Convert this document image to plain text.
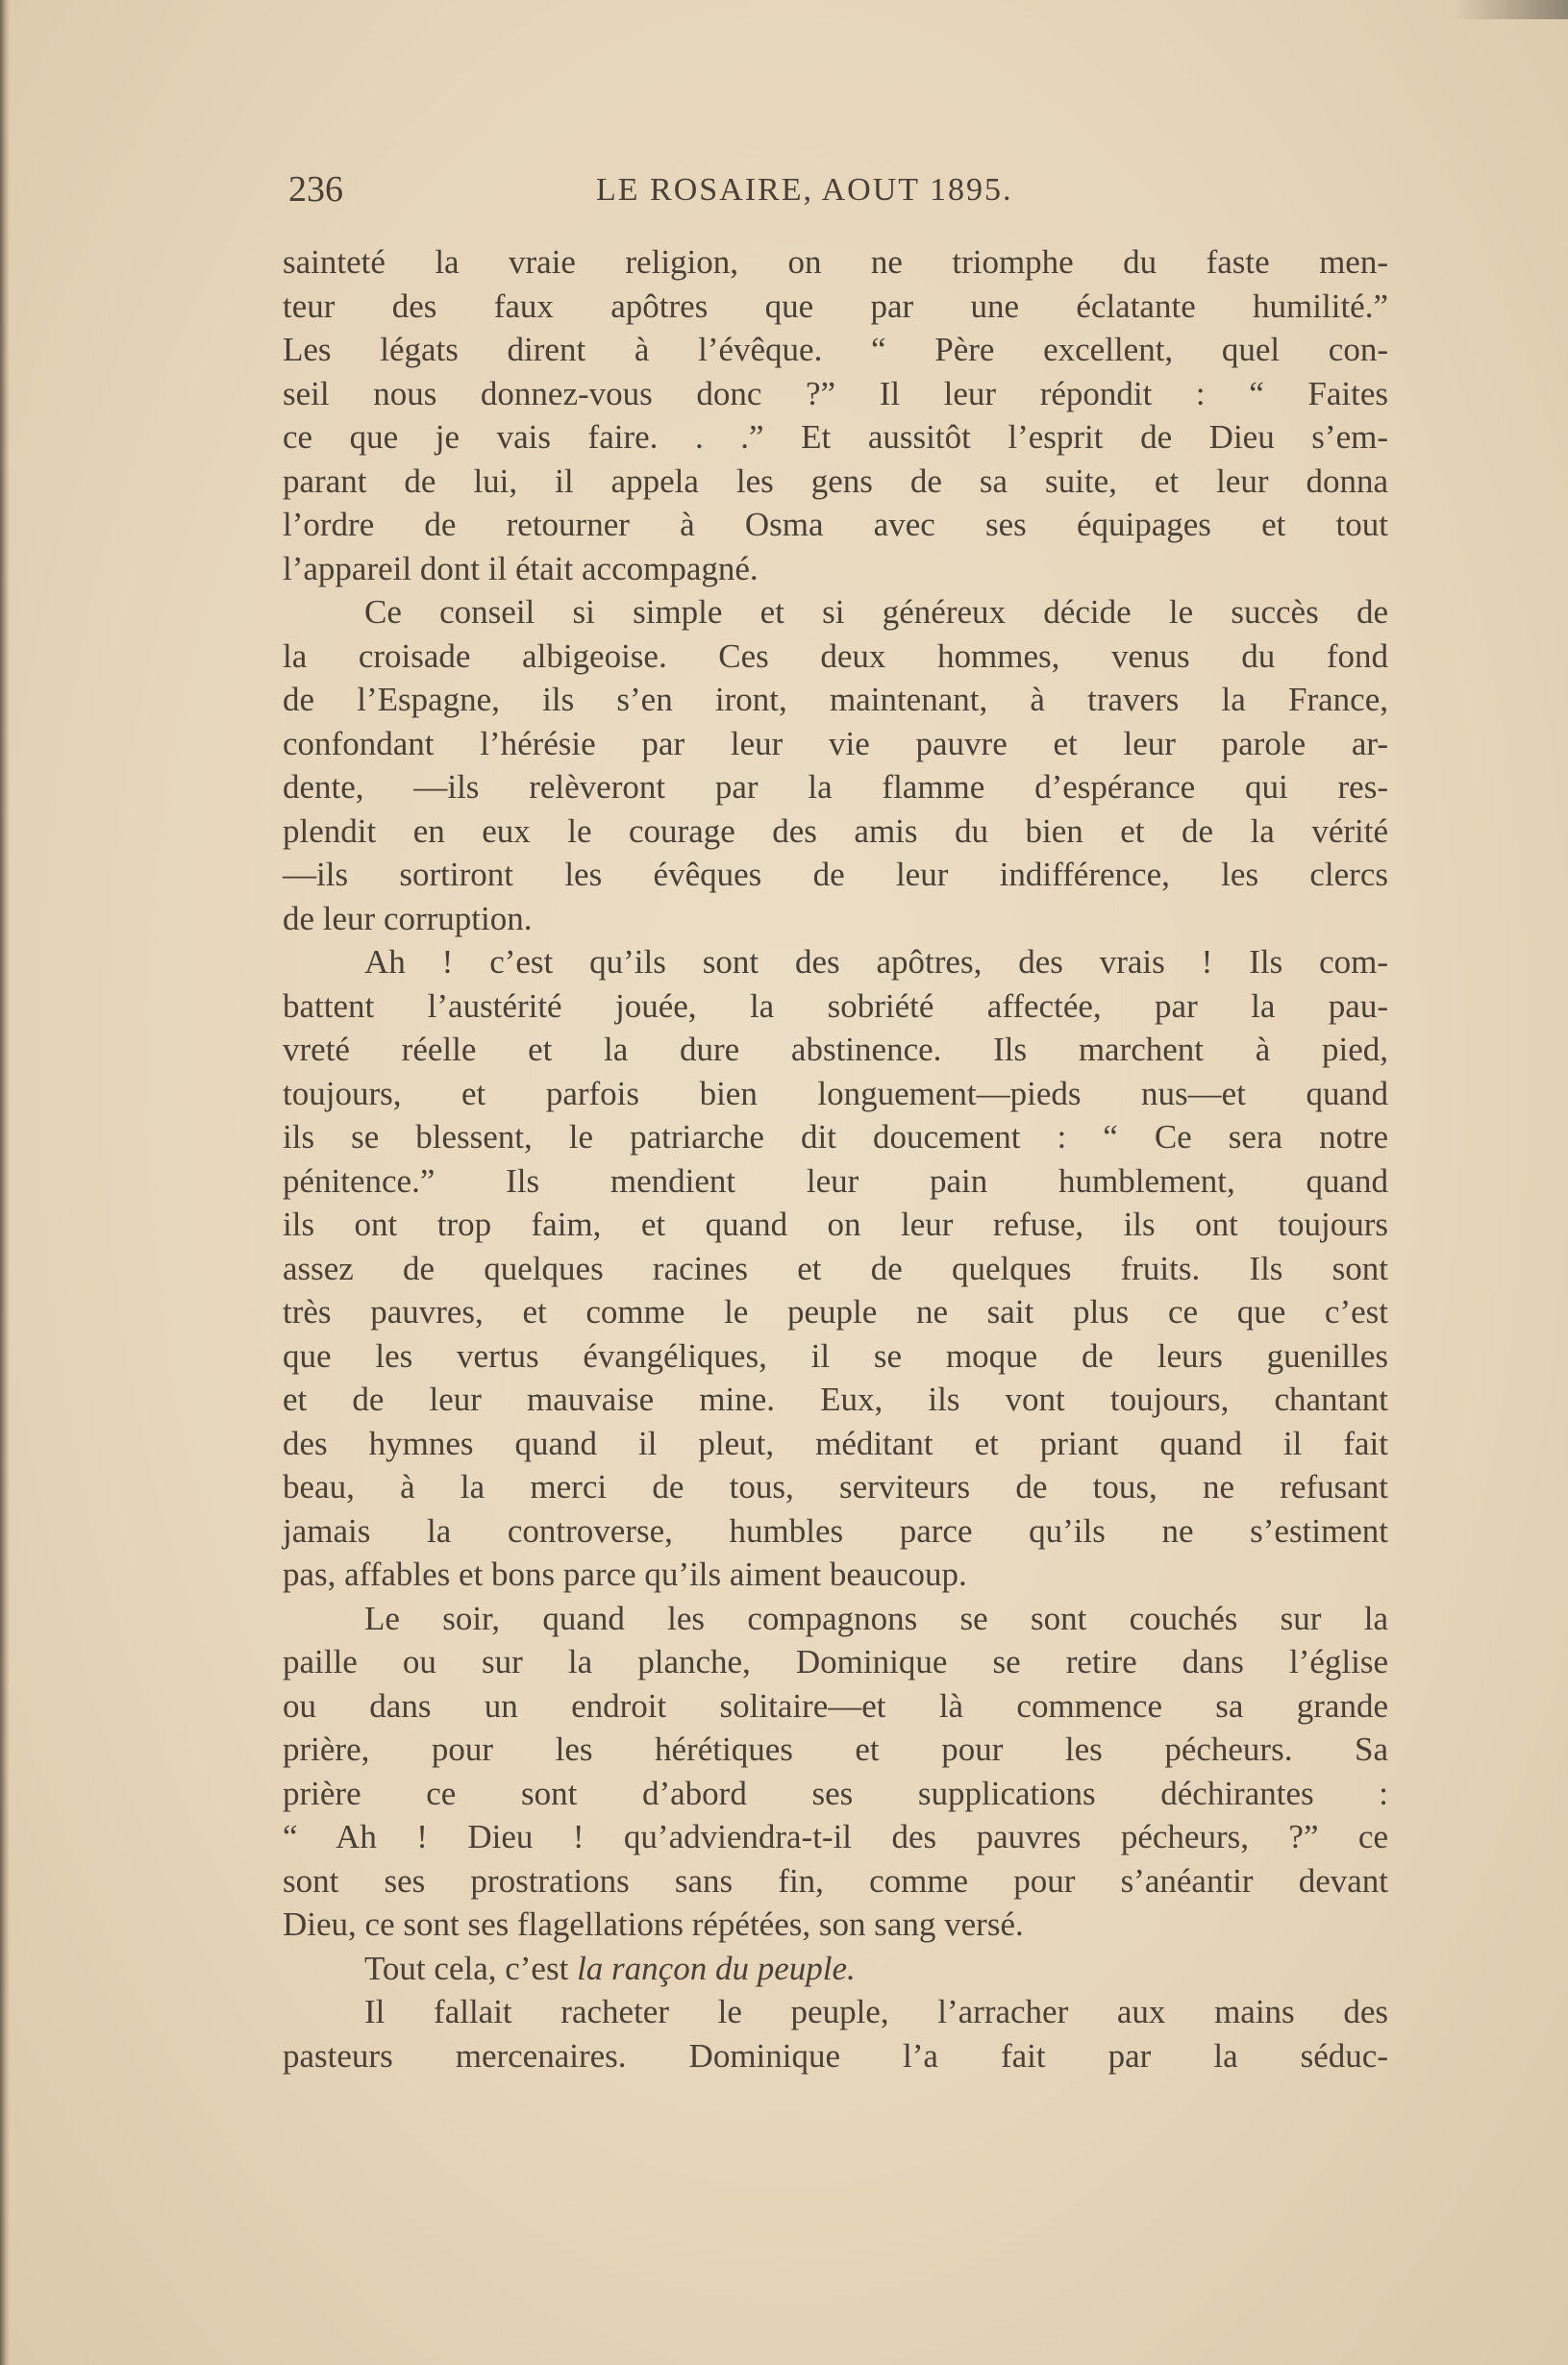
236	LE ROSAIRE, AOUT 1895.
sainteté la vraie religion, on ne triomphe du faste men-
teur des faux apôtres que par une éclatante humilité.”
Les légats dirent à l’évêque. “ Père excellent, quel con-
seil nous donnez-vous donc ?” Il leur répondit : “ Faites
ce que je vais faire. . .” Et aussitôt l’esprit de Dieu s’em-
parant de lui, il appela les gens de sa suite, et leur donna
l’ordre de retourner à Osma avec ses équipages et tout
l’appareil dont il était accompagné.
Ce conseil si simple et si généreux décide le succès de
la croisade albigeoise. Ces deux hommes, venus du fond
de l’Espagne, ils s’en iront, maintenant, à travers la France,
confondant l’hérésie par leur vie pauvre et leur parole ar-
dente, —ils relèveront par la flamme d’espérance qui res-
plendit en eux le courage des amis du bien et de la vérité
—ils sortiront les évêques de leur indifférence, les clercs
de leur corruption.
Ah ! c’est qu’ils sont des apôtres, des vrais ! Ils com-
battent l’austérité jouée, la sobriété affectée, par la pau-
vreté réelle et la dure abstinence. Ils marchent à pied,
toujours, et parfois bien longuement—pieds nus—et quand
ils se blessent, le patriarche dit doucement : “ Ce sera notre
pénitence.” Ils mendient leur pain humblement, quand
ils ont trop faim, et quand on leur refuse, ils ont toujours
assez de quelques racines et de quelques fruits. Ils sont
très pauvres, et comme le peuple ne sait plus ce que c’est
que les vertus évangéliques, il se moque de leurs guenilles
et de leur mauvaise mine. Eux, ils vont toujours, chantant
des hymnes quand il pleut, méditant et priant quand il fait
beau, à la merci de tous, serviteurs de tous, ne refusant
jamais la controverse, humbles parce qu’ils ne s’estiment
pas, affables et bons parce qu’ils aiment beaucoup.
Le soir, quand les compagnons se sont couchés sur la
paille ou sur la planche, Dominique se retire dans l’église
ou dans un endroit solitaire—et là commence sa grande
prière, pour les hérétiques et pour les pécheurs. Sa
prière ce sont d’abord ses supplications déchirantes :
“ Ah ! Dieu ! qu’adviendra-t-il des pauvres pécheurs, ?” ce
sont ses prostrations sans fin, comme pour s’anéantir devant
Dieu, ce sont ses flagellations répétées, son sang versé.
Tout cela, c’est la rançon du peuple.
Il fallait racheter le peuple, l’arracher aux mains des
pasteurs mercenaires. Dominique l’a fait par la séduc-
